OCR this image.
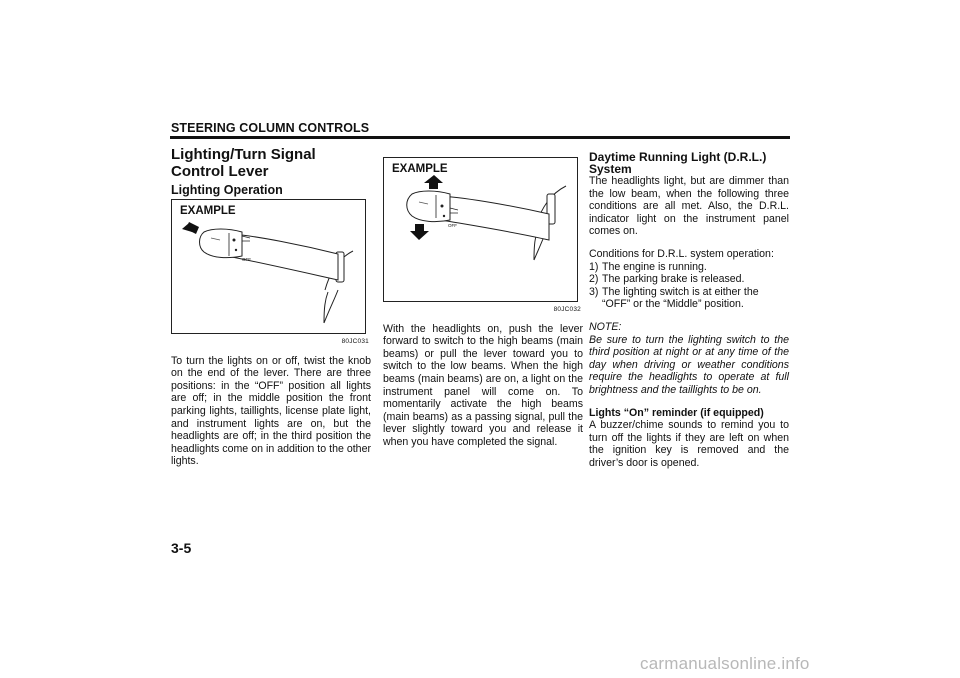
STEERING COLUMN CONTROLS
Lighting/Turn Signal Control Lever
Lighting Operation
EXAMPLE
OFF
80JC031

To turn the lights on or off, twist the knob on the end of the lever. There are three positions: in the “OFF” position all lights are off; in the middle position the front parking lights, taillights, license plate light, and instrument lights are on, but the headlights are off; in the third position the headlights come on in addition to the other lights.

EXAMPLE
OFF
80JC032

With the headlights on, push the lever forward to switch to the high beams (main beams) or pull the lever toward you to switch to the low beams. When the high beams (main beams) are on, a light on the instrument panel will come on. To momentarily activate the high beams (main beams) as a passing signal, pull the lever slightly toward you and release it when you have completed the signal.

Daytime Running Light (D.R.L.) System

The headlights light, but are dimmer than the low beam, when the following three conditions are all met. Also, the D.R.L. indicator light on the instrument panel comes on.

Conditions for D.R.L. system operation:
1) The engine is running.
2) The parking brake is released.
3) The lighting switch is at either the “OFF” or the “Middle” position.
NOTE:
Be sure to turn the lighting switch to the third position at night or at any time of the day when driving or weather conditions require the headlights to operate at full brightness and the taillights to be on.
Lights “On” reminder (if equipped)

A buzzer/chime sounds to remind you to turn off the lights if they are left on when the ignition key is removed and the driver’s door is opened.

3-5
carmanualsonline.info
